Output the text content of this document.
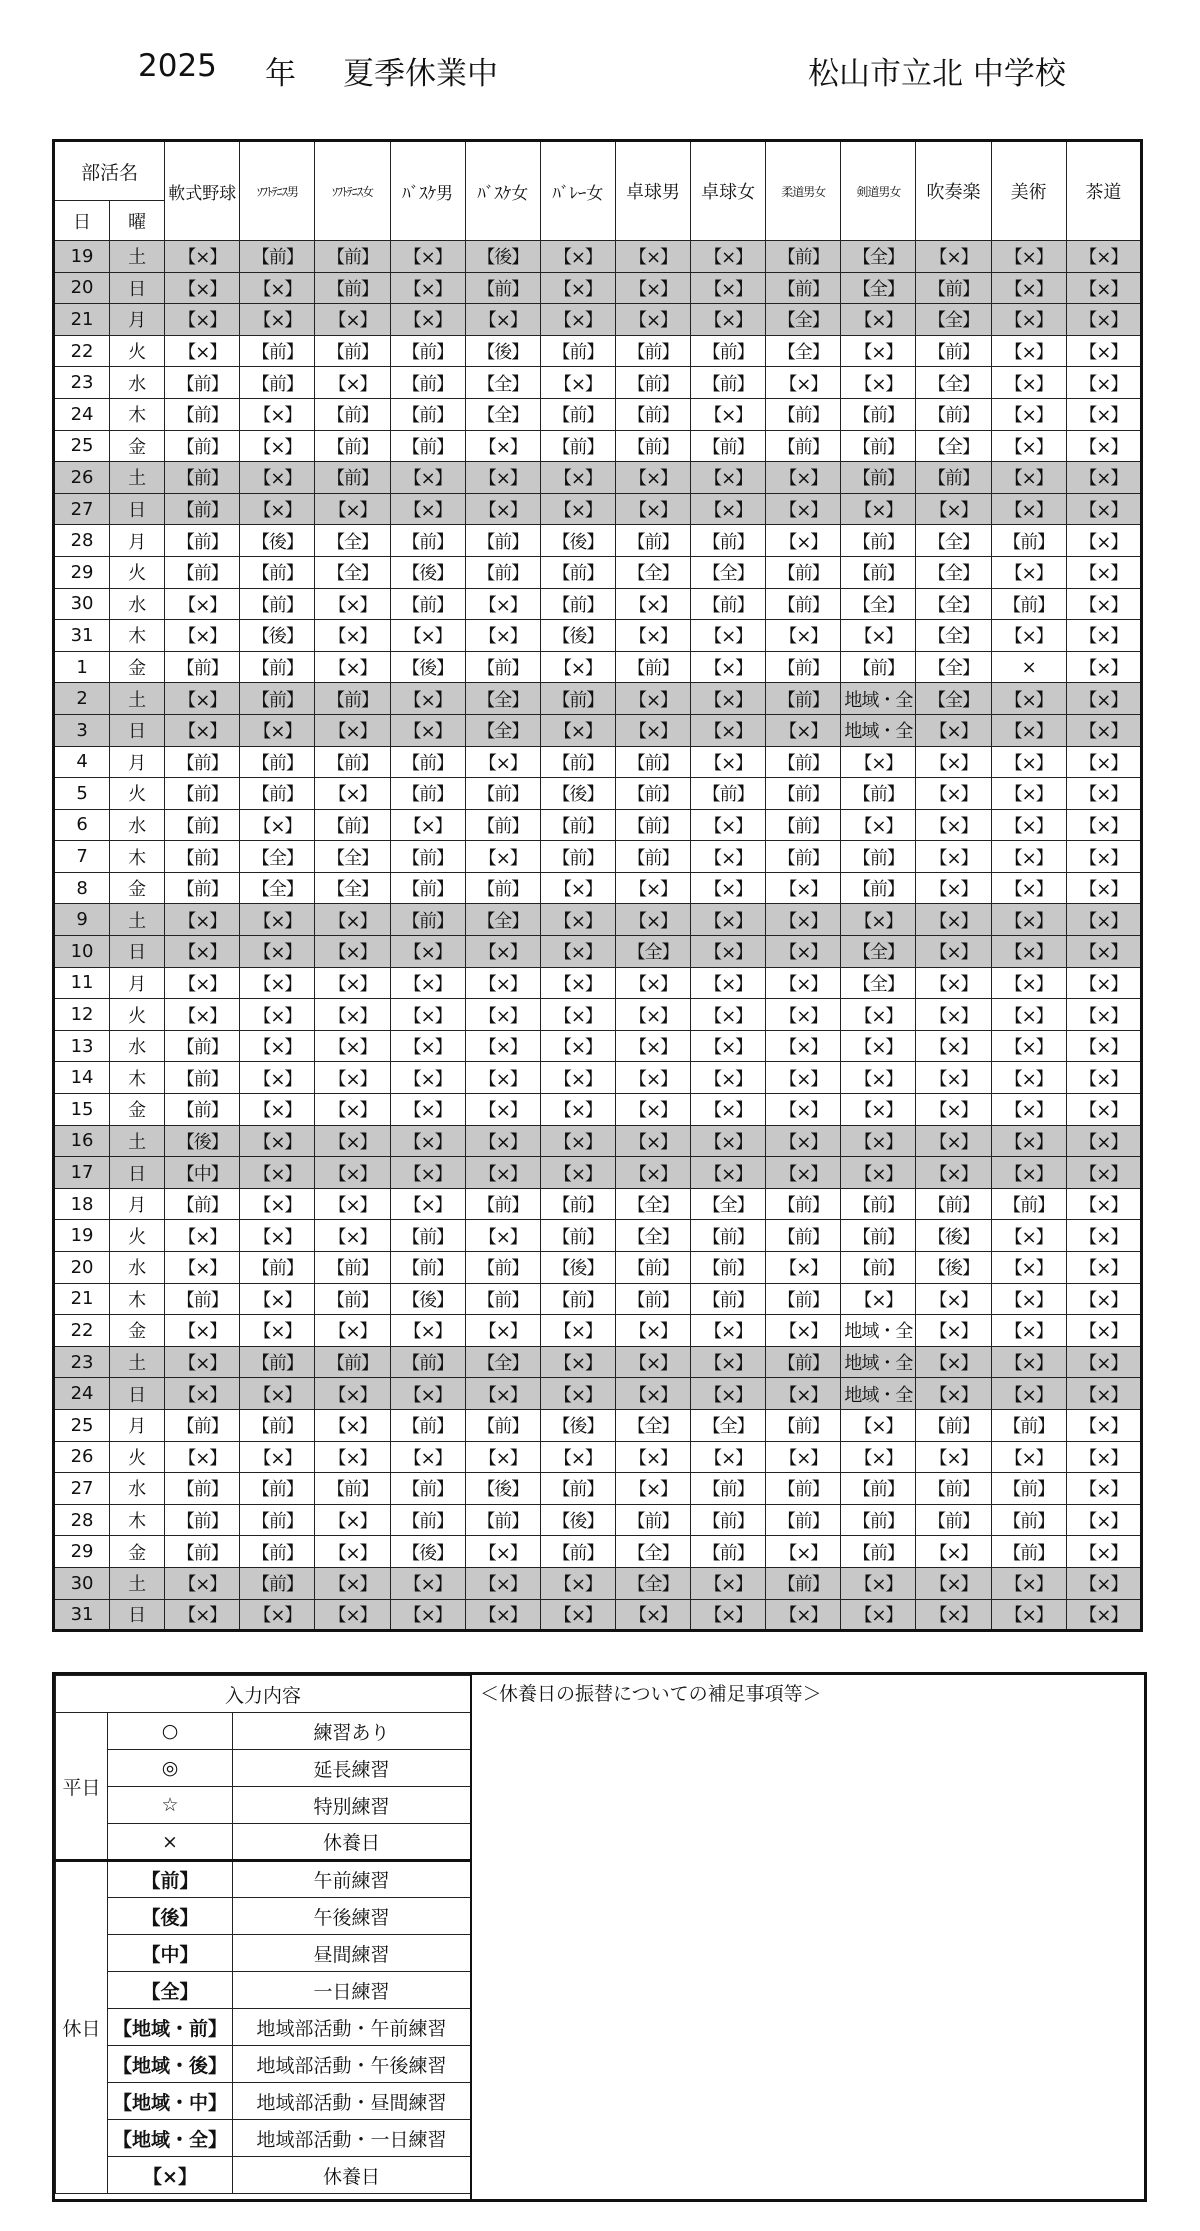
2025 年 夏季休業中	松山市立北 中学校
部活名		軟式野球	ｿﾌﾄﾃﾆｽ男	ｿﾌﾄﾃﾆｽ女	ﾊﾞｽｹ男	ﾊﾞｽｹ女	ﾊﾞﾚｰ女	卓球男	卓球女	柔道男女	剣道男女	吹奏楽	美術	茶道
日	曜													
19	土	【×】	【前】	【前】	【×】	【後】	【×】	【×】	【×】	【前】	【全】	【×】	【×】	【×】
20	日	【×】	【×】	【前】	【×】	【前】	【×】	【×】	【×】	【前】	【全】	【前】	【×】	【×】
21	月	【×】	【×】	【×】	【×】	【×】	【×】	【×】	【×】	【全】	【×】	【全】	【×】	【×】
22	火	【×】	【前】	【前】	【前】	【後】	【前】	【前】	【前】	【全】	【×】	【前】	【×】	【×】
23	水	【前】	【前】	【×】	【前】	【全】	【×】	【前】	【前】	【×】	【×】	【全】	【×】	【×】
24	木	【前】	【×】	【前】	【前】	【全】	【前】	【前】	【×】	【前】	【前】	【前】	【×】	【×】
25	金	【前】	【×】	【前】	【前】	【×】	【前】	【前】	【前】	【前】	【前】	【全】	【×】	【×】
26	土	【前】	【×】	【前】	【×】	【×】	【×】	【×】	【×】	【×】	【前】	【前】	【×】	【×】
27	日	【前】	【×】	【×】	【×】	【×】	【×】	【×】	【×】	【×】	【×】	【×】	【×】	【×】
28	月	【前】	【後】	【全】	【前】	【前】	【後】	【前】	【前】	【×】	【前】	【全】	【前】	【×】
29	火	【前】	【前】	【全】	【後】	【前】	【前】	【全】	【全】	【前】	【前】	【全】	【×】	【×】
30	水	【×】	【前】	【×】	【前】	【×】	【前】	【×】	【前】	【前】	【全】	【全】	【前】	【×】
31	木	【×】	【後】	【×】	【×】	【×】	【後】	【×】	【×】	【×】	【×】	【全】	【×】	【×】
1	金	【前】	【前】	【×】	【後】	【前】	【×】	【前】	【×】	【前】	【前】	【全】	×	【×】
2	土	【×】	【前】	【前】	【×】	【全】	【前】	【×】	【×】	【前】	地域・全	【全】	【×】	【×】
3	日	【×】	【×】	【×】	【×】	【全】	【×】	【×】	【×】	【×】	地域・全	【×】	【×】	【×】
4	月	【前】	【前】	【前】	【前】	【×】	【前】	【前】	【×】	【前】	【×】	【×】	【×】	【×】
5	火	【前】	【前】	【×】	【前】	【前】	【後】	【前】	【前】	【前】	【前】	【×】	【×】	【×】
6	水	【前】	【×】	【前】	【×】	【前】	【前】	【前】	【×】	【前】	【×】	【×】	【×】	【×】
7	木	【前】	【全】	【全】	【前】	【×】	【前】	【前】	【×】	【前】	【前】	【×】	【×】	【×】
8	金	【前】	【全】	【全】	【前】	【前】	【×】	【×】	【×】	【×】	【前】	【×】	【×】	【×】
9	土	【×】	【×】	【×】	【前】	【全】	【×】	【×】	【×】	【×】	【×】	【×】	【×】	【×】
10	日	【×】	【×】	【×】	【×】	【×】	【×】	【全】	【×】	【×】	【全】	【×】	【×】	【×】
11	月	【×】	【×】	【×】	【×】	【×】	【×】	【×】	【×】	【×】	【全】	【×】	【×】	【×】
12	火	【×】	【×】	【×】	【×】	【×】	【×】	【×】	【×】	【×】	【×】	【×】	【×】	【×】
13	水	【前】	【×】	【×】	【×】	【×】	【×】	【×】	【×】	【×】	【×】	【×】	【×】	【×】
14	木	【前】	【×】	【×】	【×】	【×】	【×】	【×】	【×】	【×】	【×】	【×】	【×】	【×】
15	金	【前】	【×】	【×】	【×】	【×】	【×】	【×】	【×】	【×】	【×】	【×】	【×】	【×】
16	土	【後】	【×】	【×】	【×】	【×】	【×】	【×】	【×】	【×】	【×】	【×】	【×】	【×】
17	日	【中】	【×】	【×】	【×】	【×】	【×】	【×】	【×】	【×】	【×】	【×】	【×】	【×】
18	月	【前】	【×】	【×】	【×】	【前】	【前】	【全】	【全】	【前】	【前】	【前】	【前】	【×】
19	火	【×】	【×】	【×】	【前】	【×】	【前】	【全】	【前】	【前】	【前】	【後】	【×】	【×】
20	水	【×】	【前】	【前】	【前】	【前】	【後】	【前】	【前】	【×】	【前】	【後】	【×】	【×】
21	木	【前】	【×】	【前】	【後】	【前】	【前】	【前】	【前】	【前】	【×】	【×】	【×】	【×】
22	金	【×】	【×】	【×】	【×】	【×】	【×】	【×】	【×】	【×】	地域・全	【×】	【×】	【×】
23	土	【×】	【前】	【前】	【前】	【全】	【×】	【×】	【×】	【前】	地域・全	【×】	【×】	【×】
24	日	【×】	【×】	【×】	【×】	【×】	【×】	【×】	【×】	【×】	地域・全	【×】	【×】	【×】
25	月	【前】	【前】	【×】	【前】	【前】	【後】	【全】	【全】	【前】	【×】	【前】	【前】	【×】
26	火	【×】	【×】	【×】	【×】	【×】	【×】	【×】	【×】	【×】	【×】	【×】	【×】	【×】
27	水	【前】	【前】	【前】	【前】	【後】	【前】	【×】	【前】	【前】	【前】	【前】	【前】	【×】
28	木	【前】	【前】	【×】	【前】	【前】	【後】	【前】	【前】	【前】	【前】	【前】	【前】	【×】
29	金	【前】	【前】	【×】	【後】	【×】	【前】	【全】	【前】	【×】	【前】	【×】	【前】	【×】
30	土	【×】	【前】	【×】	【×】	【×】	【×】	【全】	【×】	【前】	【×】	【×】	【×】	【×】
31	日	【×】	【×】	【×】	【×】	【×】	【×】	【×】	【×】	【×】	【×】	【×】	【×】	【×】
入力内容		
平日	○	練習あり
	◎	延長練習
	☆	特別練習
	×	休養日
休日	【前】	午前練習
	【後】	午後練習
	【中】	昼間練習
	【全】	一日練習
	【地域・前】	地域部活動・午前練習
	【地域・後】	地域部活動・午後練習
	【地域・中】	地域部活動・昼間練習
	【地域・全】	地域部活動・一日練習
	【×】	休養日
＜休養日の振替についての補足事項等＞
